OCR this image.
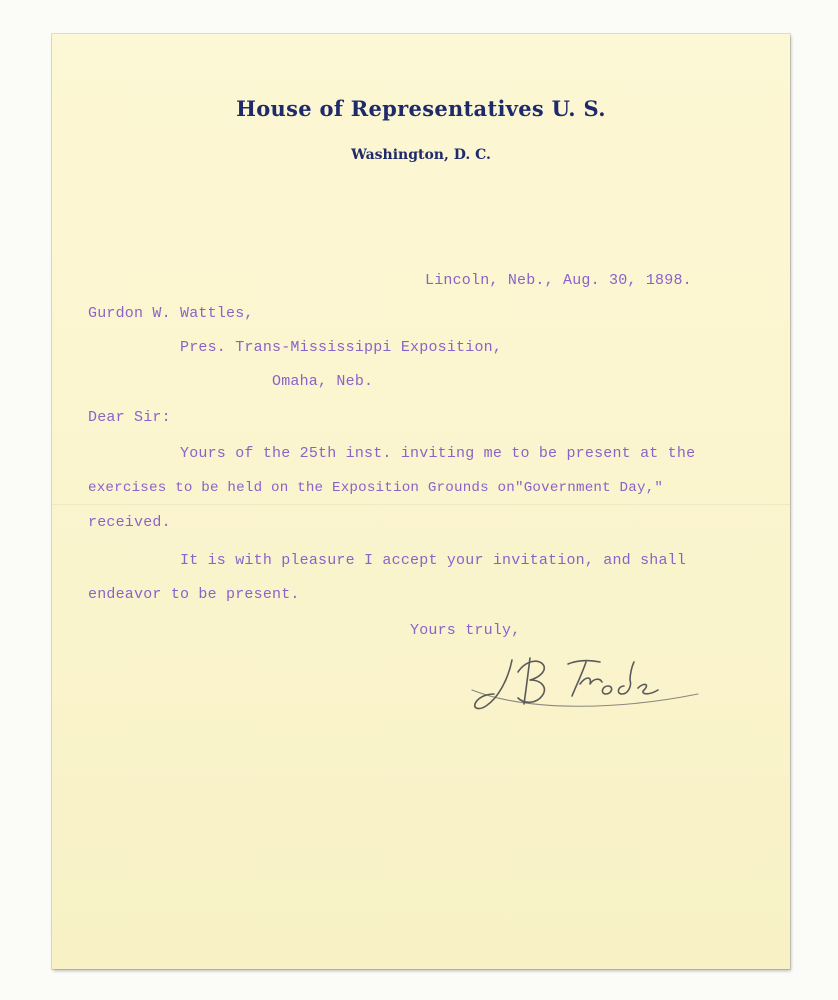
House of Representatives U. S.
Washington, D. C.
Lincoln, Neb., Aug. 30, 1898.
Gurdon W. Wattles,
Pres. Trans-Mississippi Exposition,
Omaha, Neb.
Dear Sir:
Yours of the 25th inst. inviting me to be present at the
exercises to be held on the Exposition Grounds on"Government Day,"
received.
It is with pleasure I accept your invitation, and shall
endeavor to be present.
Yours truly,
